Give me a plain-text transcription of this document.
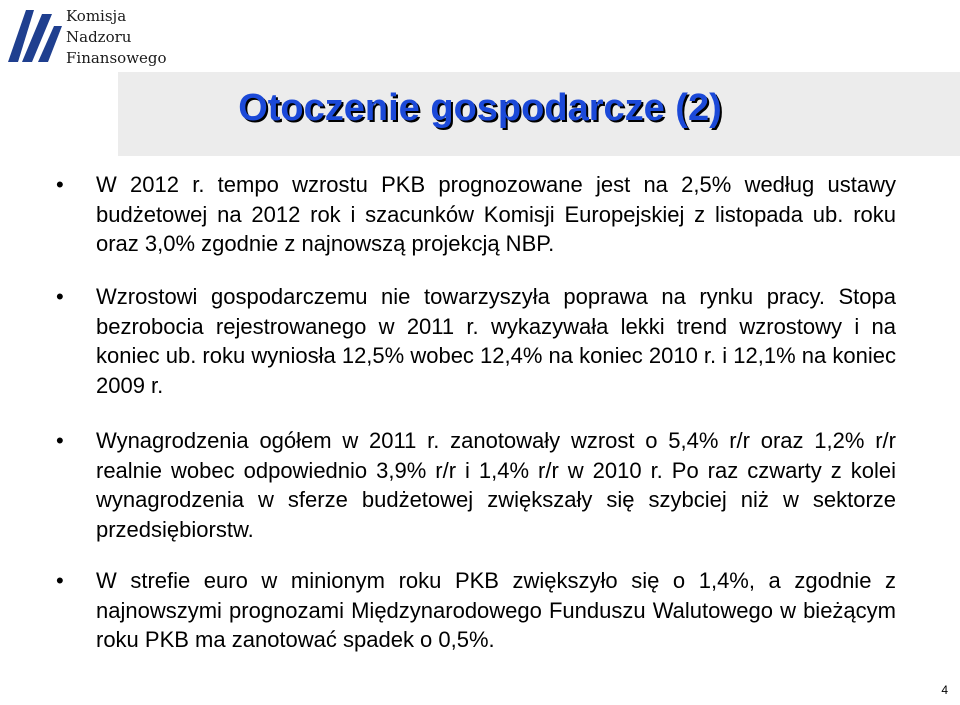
Komisja
Nadzoru
Finansowego
Otoczenie gospodarcze (2)
• W 2012 r. tempo wzrostu PKB prognozowane jest na 2,5% według ustawy budżetowej na 2012 rok i szacunków Komisji Europejskiej z listopada ub. roku oraz 3,0% zgodnie z najnowszą projekcją NBP.
• Wzrostowi gospodarczemu nie towarzyszyła poprawa na rynku pracy. Stopa bezrobocia rejestrowanego w 2011 r. wykazywała lekki trend wzrostowy i na koniec ub. roku wyniosła 12,5% wobec 12,4% na koniec 2010 r. i 12,1% na koniec 2009 r.
• Wynagrodzenia ogółem w 2011 r. zanotowały wzrost o 5,4% r/r oraz 1,2% r/r realnie wobec odpowiednio 3,9% r/r i 1,4% r/r w 2010 r. Po raz czwarty z kolei wynagrodzenia w sferze budżetowej zwiększały się szybciej niż w sektorze przedsiębiorstw.
• W strefie euro w minionym roku PKB zwiększyło się o 1,4%, a zgodnie z najnowszymi prognozami Międzynarodowego Funduszu Walutowego w bieżącym roku PKB ma zanotować spadek o 0,5%.
4
